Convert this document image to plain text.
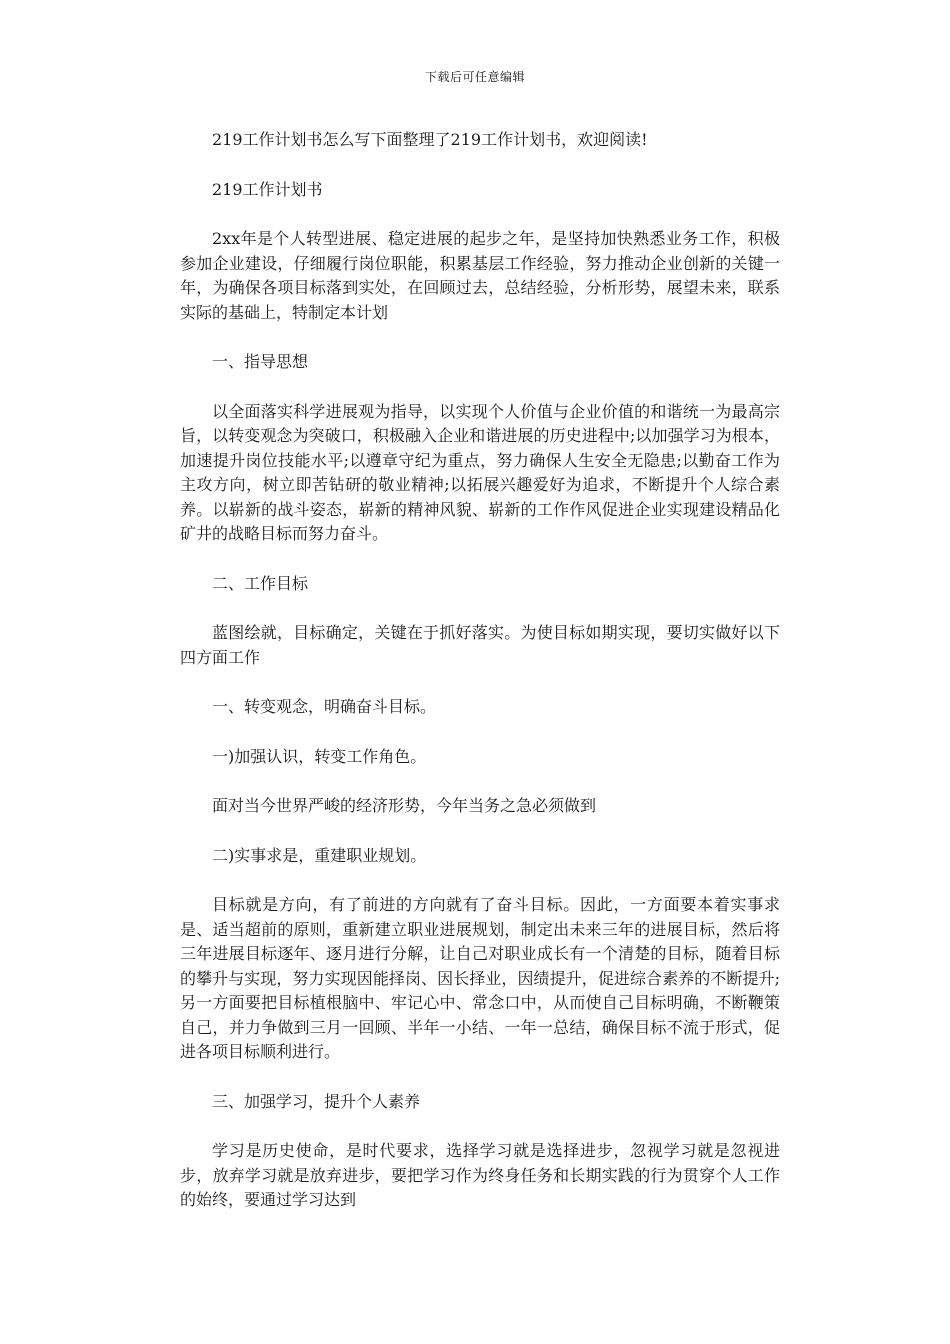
下载后可任意编辑

219工作计划书怎么写下面整理了219工作计划书，欢迎阅读!

219工作计划书

2xx年是个人转型进展、稳定进展的起步之年，是坚持加快熟悉业务工作，积极参加企业建设，仔细履行岗位职能，积累基层工作经验，努力推动企业创新的关键一年，为确保各项目标落到实处，在回顾过去，总结经验，分析形势，展望未来，联系实际的基础上，特制定本计划

一、指导思想

以全面落实科学进展观为指导，以实现个人价值与企业价值的和谐统一为最高宗旨，以转变观念为突破口，积极融入企业和谐进展的历史进程中;以加强学习为根本，加速提升岗位技能水平;以遵章守纪为重点，努力确保人生安全无隐患;以勤奋工作为主攻方向，树立即苦钻研的敬业精神;以拓展兴趣爱好为追求，不断提升个人综合素养。以崭新的战斗姿态，崭新的精神风貌、崭新的工作作风促进企业实现建设精品化矿井的战略目标而努力奋斗。

二、工作目标

蓝图绘就，目标确定，关键在于抓好落实。为使目标如期实现，要切实做好以下四方面工作

一、转变观念，明确奋斗目标。

一)加强认识，转变工作角色。

面对当今世界严峻的经济形势，今年当务之急必须做到

二)实事求是，重建职业规划。

目标就是方向，有了前进的方向就有了奋斗目标。因此，一方面要本着实事求是、适当超前的原则，重新建立职业进展规划，制定出未来三年的进展目标，然后将三年进展目标逐年、逐月进行分解，让自己对职业成长有一个清楚的目标，随着目标的攀升与实现，努力实现因能择岗、因长择业，因绩提升，促进综合素养的不断提升;另一方面要把目标植根脑中、牢记心中、常念口中，从而使自己目标明确，不断鞭策自己，并力争做到三月一回顾、半年一小结、一年一总结，确保目标不流于形式，促进各项目标顺利进行。

三、加强学习，提升个人素养

学习是历史使命，是时代要求，选择学习就是选择进步，忽视学习就是忽视进步，放弃学习就是放弃进步，要把学习作为终身任务和长期实践的行为贯穿个人工作的始终，要通过学习达到
